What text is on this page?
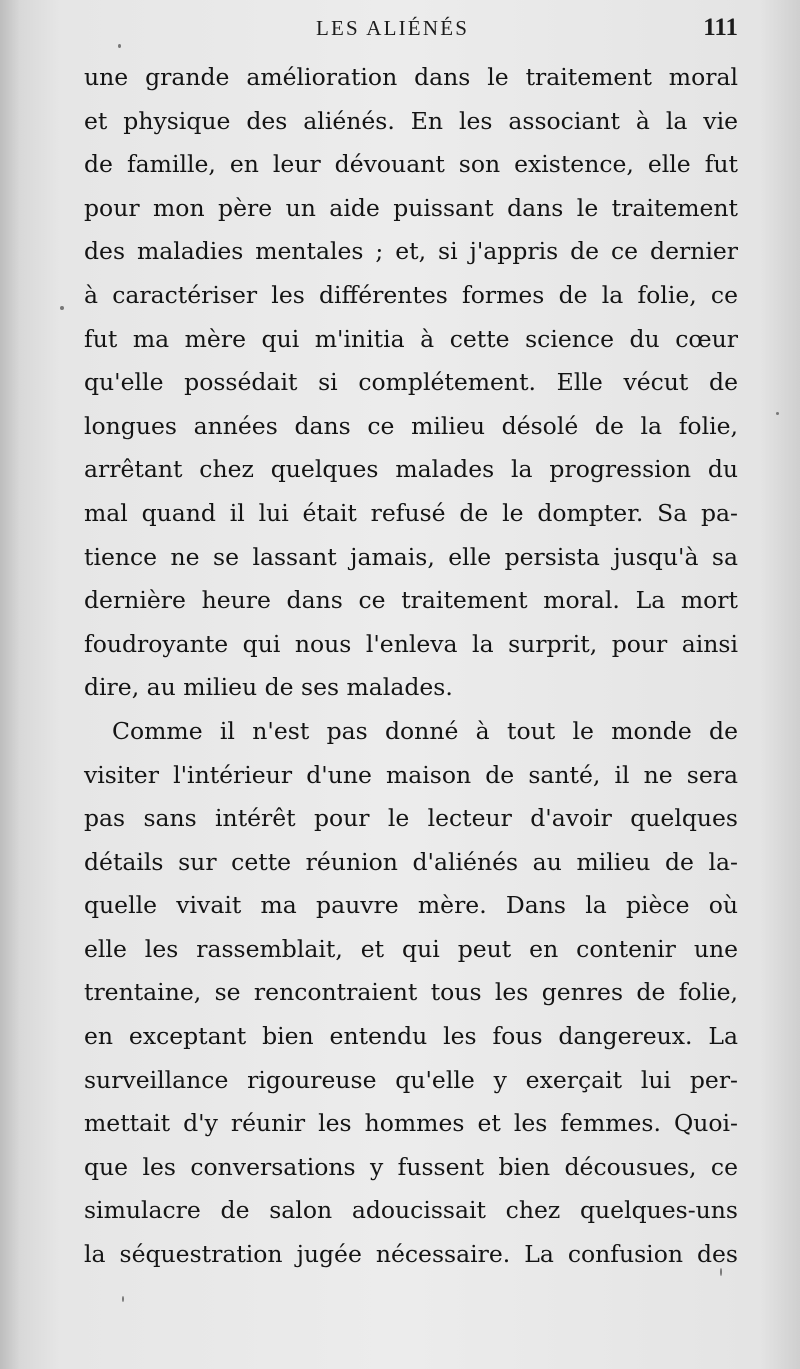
LES ALIÉNÉS	111
une grande amélioration dans le traitement moral
et physique des aliénés. En les associant à la vie
de famille, en leur dévouant son existence, elle fut
pour mon père un aide puissant dans le traitement
des maladies mentales ; et, si j'appris de ce dernier
à caractériser les différentes formes de la folie, ce
fut ma mère qui m'initia à cette science du cœur
qu'elle possédait si complétement. Elle vécut de
longues années dans ce milieu désolé de la folie,
arrêtant chez quelques malades la progression du
mal quand il lui était refusé de le dompter. Sa pa-
tience ne se lassant jamais, elle persista jusqu'à sa
dernière heure dans ce traitement moral. La mort
foudroyante qui nous l'enleva la surprit, pour ainsi
dire, au milieu de ses malades.
Comme il n'est pas donné à tout le monde de
visiter l'intérieur d'une maison de santé, il ne sera
pas sans intérêt pour le lecteur d'avoir quelques
détails sur cette réunion d'aliénés au milieu de la-
quelle vivait ma pauvre mère. Dans la pièce où
elle les rassemblait, et qui peut en contenir une
trentaine, se rencontraient tous les genres de folie,
en exceptant bien entendu les fous dangereux. La
surveillance rigoureuse qu'elle y exerçait lui per-
mettait d'y réunir les hommes et les femmes. Quoi-
que les conversations y fussent bien décousues, ce
simulacre de salon adoucissait chez quelques-uns
la séquestration jugée nécessaire. La confusion des
